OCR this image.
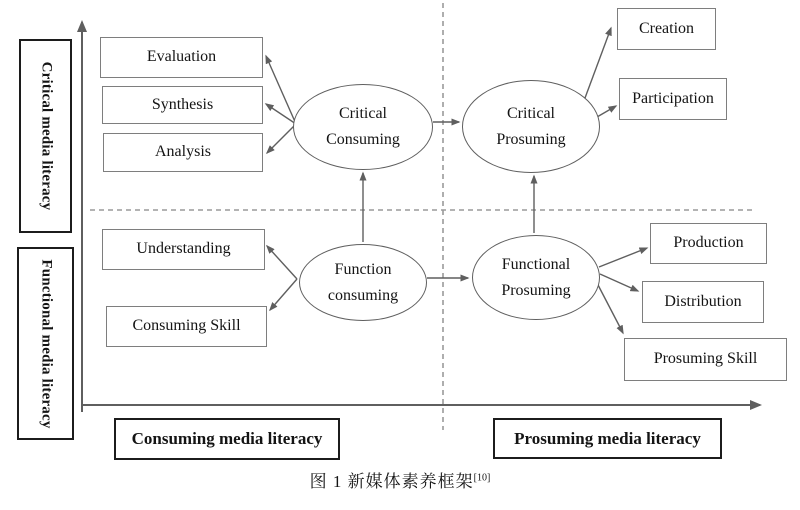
Critical media literacy
Functional media literacy
Evaluation
Synthesis
Analysis
Understanding
Consuming Skill
Creation
Participation
Production
Distribution
Prosuming Skill
Critical
Consuming
Critical
Prosuming
Function
consuming
Functional
Prosuming
Consuming media literacy	Prosuming media literacy
图 1 新媒体素养框架[10]
